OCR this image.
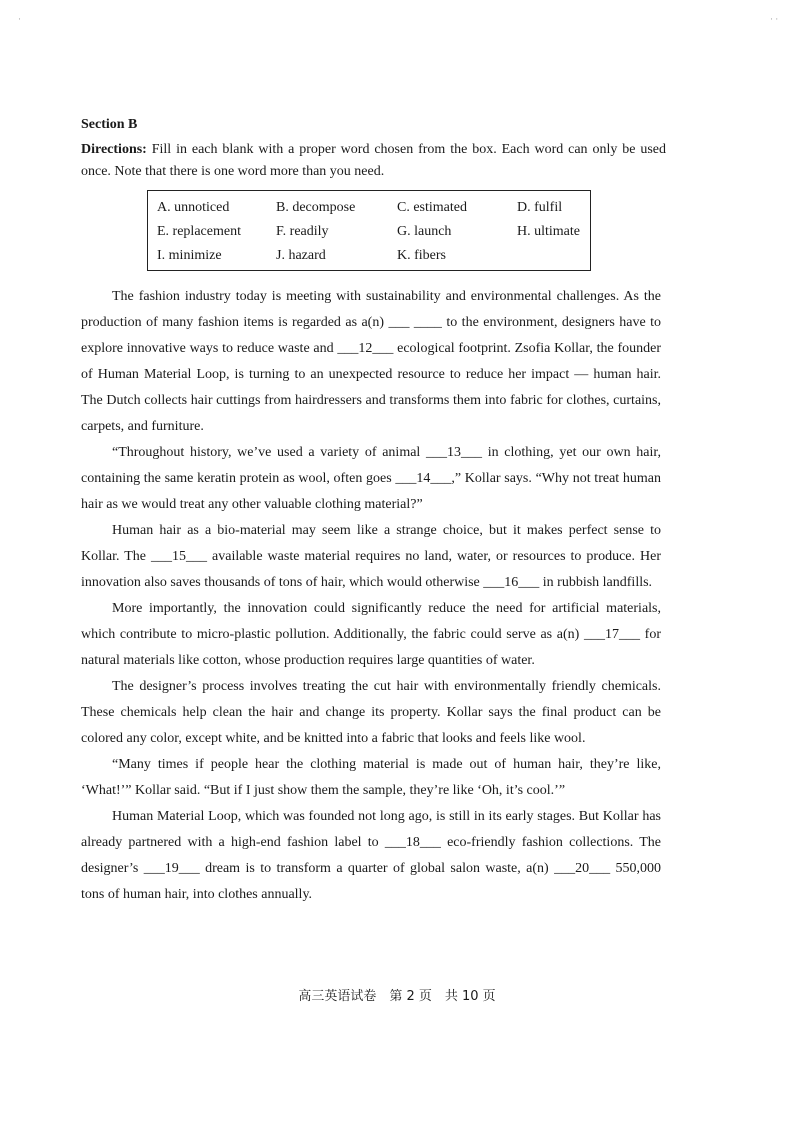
·	· ·
Section B
Directions: Fill in each blank with a proper word chosen from the box. Each word can only be used once. Note that there is one word more than you need.
A. unnoticed	B. decompose	C. estimated	D. fulfil
E. replacement	F. readily	G. launch	H. ultimate
I. minimize	J. hazard	K. fibers

The fashion industry today is meeting with sustainability and environmental challenges. As the production of many fashion items is regarded as a(n) ___ ____ to the environment, designers have to explore innovative ways to reduce waste and ___12___ ecological footprint. Zsofia Kollar, the founder of Human Material Loop, is turning to an unexpected resource to reduce her impact — human hair. The Dutch collects hair cuttings from hairdressers and transforms them into fabric for clothes, curtains, carpets, and furniture.

“Throughout history, we’ve used a variety of animal ___13___ in clothing, yet our own hair, containing the same keratin protein as wool, often goes ___14___,” Kollar says. “Why not treat human hair as we would treat any other valuable clothing material?”

Human hair as a bio-material may seem like a strange choice, but it makes perfect sense to Kollar. The ___15___ available waste material requires no land, water, or resources to produce. Her innovation also saves thousands of tons of hair, which would otherwise ___16___ in rubbish landfills.

More importantly, the innovation could significantly reduce the need for artificial materials, which contribute to micro-plastic pollution. Additionally, the fabric could serve as a(n) ___17___ for natural materials like cotton, whose production requires large quantities of water.

The designer’s process involves treating the cut hair with environmentally friendly chemicals. These chemicals help clean the hair and change its property. Kollar says the final product can be colored any color, except white, and be knitted into a fabric that looks and feels like wool.

“Many times if people hear the clothing material is made out of human hair, they’re like, ‘What!’” Kollar said. “But if I just show them the sample, they’re like ‘Oh, it’s cool.’”

Human Material Loop, which was founded not long ago, is still in its early stages. But Kollar has already partnered with a high-end fashion label to ___18___ eco-friendly fashion collections. The designer’s ___19___ dream is to transform a quarter of global salon waste, a(n) ___20___ 550,000 tons of human hair, into clothes annually.

高三英语试卷　第 2 页　共 10 页
